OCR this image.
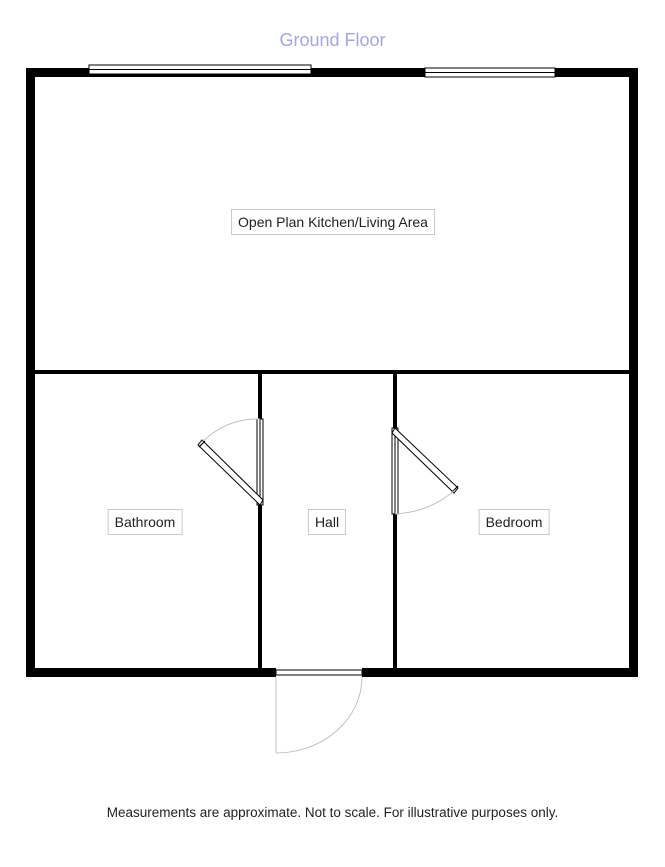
Ground Floor
Open Plan Kitchen/Living Area
Bathroom	Hall	Bedroom
Measurements are approximate. Not to scale. For illustrative purposes only.
